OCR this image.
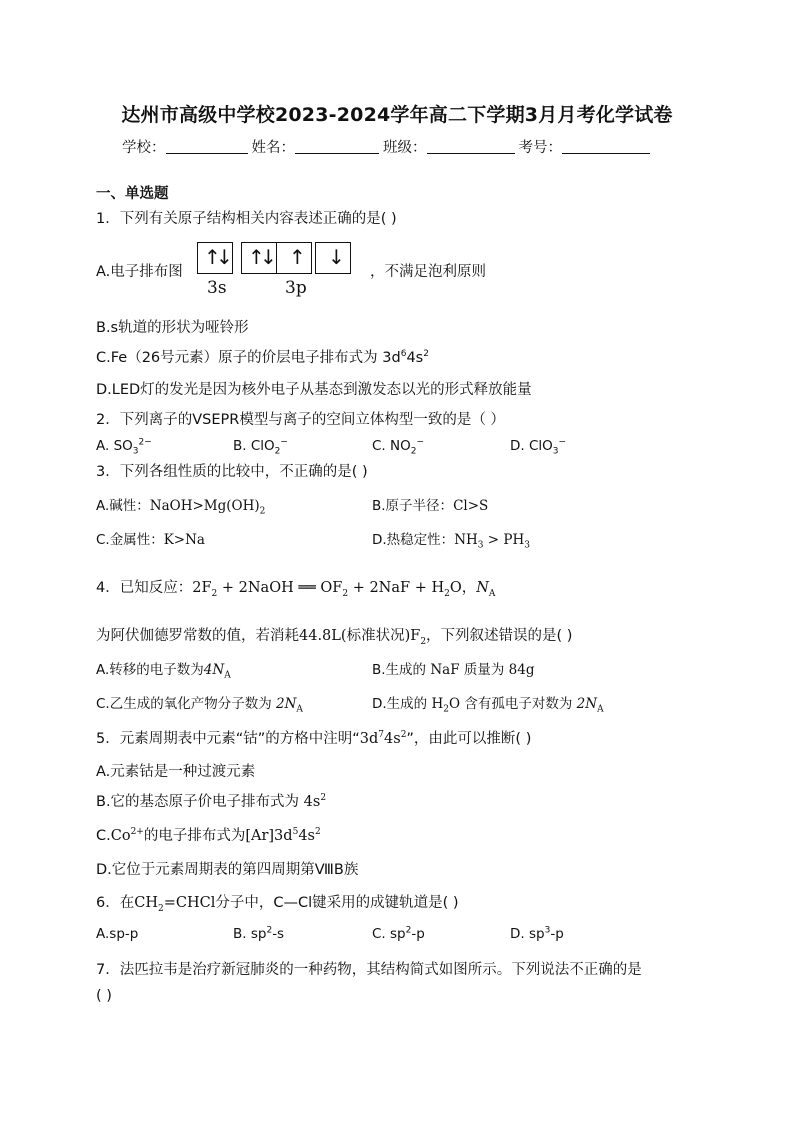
达州市高级中学校2023-2024学年高二下学期3月月考化学试卷
学校：	姓名：	班级：	考号：
一、单选题
1．下列有关原子结构相关内容表述正确的是( )
A.电子排布图
↑
↓ ↑
↓ ↑ ↓
3s	3p
，不满足泡利原则
B.s轨道的形状为哑铃形
C.Fe（26号元素）原子的价层电子排布式为 $3d^64s^2$
D.LED灯的发光是因为核外电子从基态到激发态以光的形式释放能量
2．下列离子的VSEPR模型与离子的空间立体构型一致的是（ ）
A. $SO_3^{2-}$	B. ClO$_2$−	C. $NO_2^-$	D. ClO$_3$−
3．下列各组性质的比较中，不正确的是( )
A.碱性：$NaOH>Mg(OH)_2$	B.原子半径：Cl>S
C.金属性：K>Na	D.热稳定性：$NH_3 > PH_3$
4．已知反应：$2F_2$ + 2NaOH ══ $OF_2 + 2NaF + H_2O$，$N_A$
为阿伏伽德罗常数的值，若消耗44.8L(标准状况)$F_2$，下列叙述错误的是( )
A.转移的电子数为$4N_A$	B.生成的 NaF 质量为 84g
C.乙生成的氧化产物分子数为 $2N_A$	D.生成的 $H_2O$ 含有孤电子对数为 $2N_A$
5．元素周期表中元素“钴”的方格中注明“$3d^74s^2$”，由此可以推断( )
A.元素钴是一种过渡元素
B.它的基态原子价电子排布式为 $4s^2$
$C.Co^{2+}$的电子排布式为$[Ar]3d^54s^2$
D.它位于元素周期表的第四周期第ⅧB族
6．在$CH_2=CHCl$分子中，C—Cl键采用的成键轨道是( )
A.sp-p	B. $sp^2-s$	C. $sp^2-p$	D. $sp^3-p$
7．法匹拉韦是治疗新冠肺炎的一种药物，其结构简式如图所示。下列说法不正确的是
( )
